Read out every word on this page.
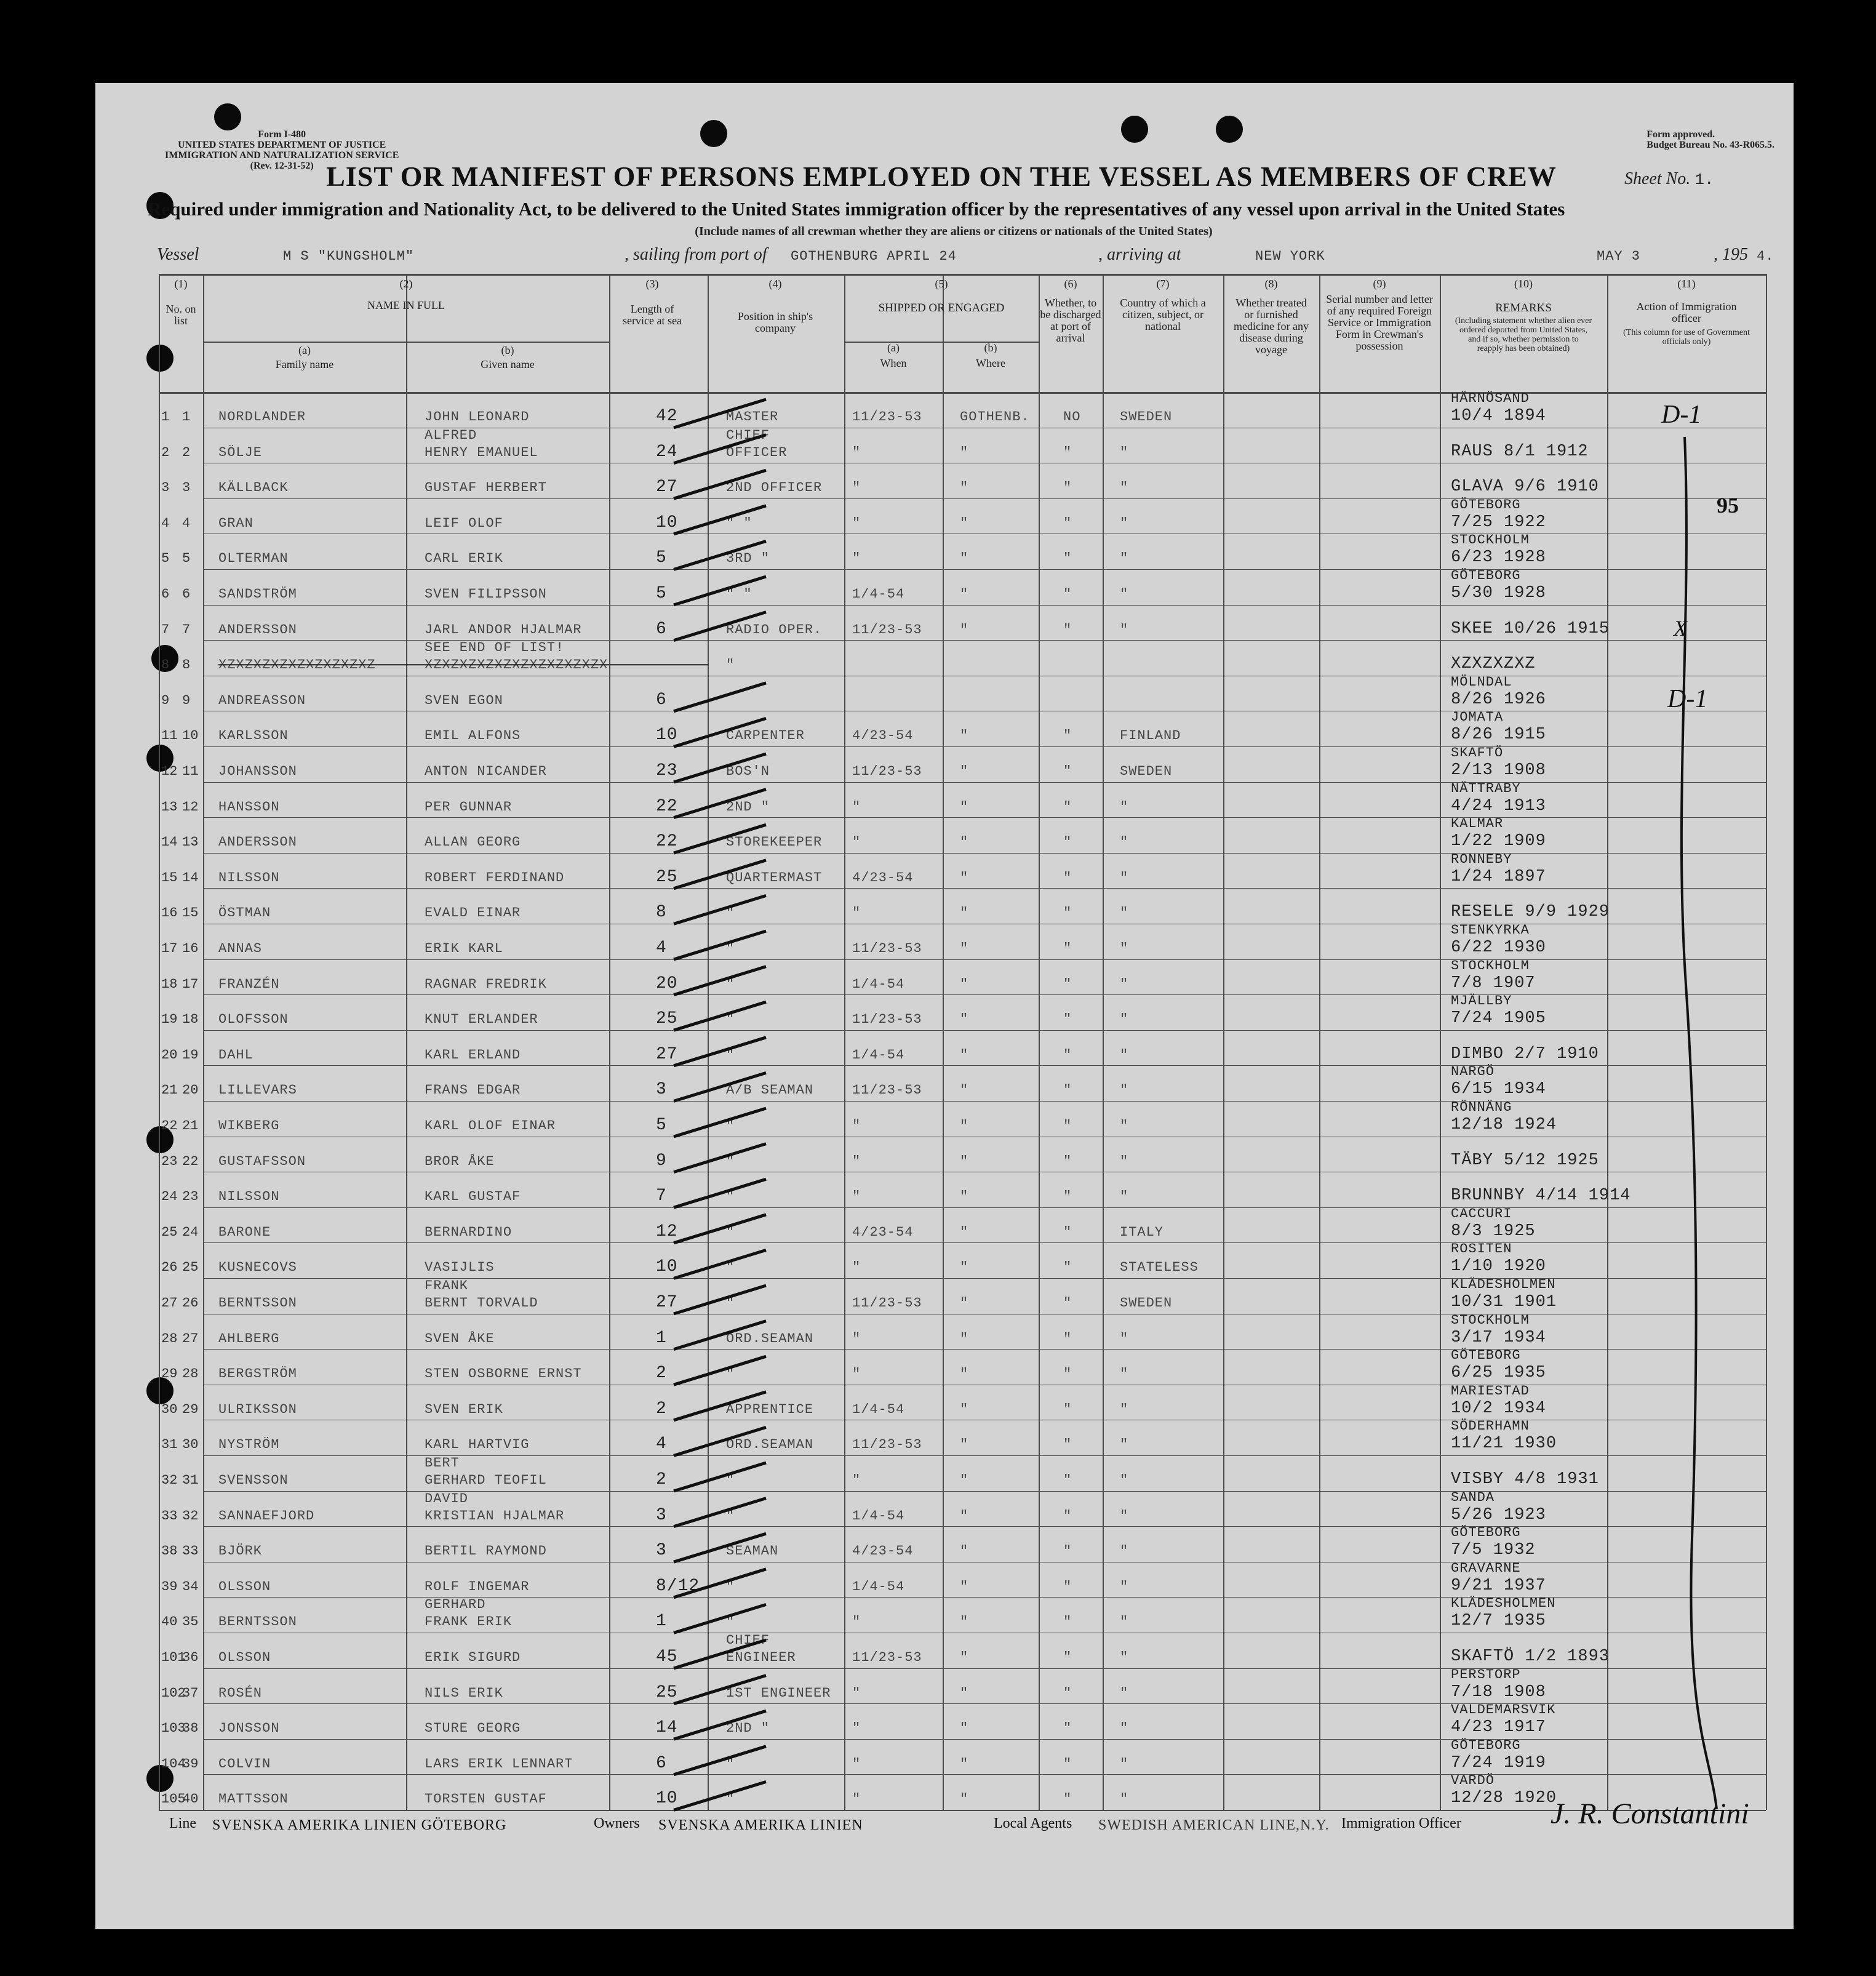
Form I-480
UNITED STATES DEPARTMENT OF JUSTICE
IMMIGRATION AND NATURALIZATION SERVICE
(Rev. 12-31-52)
Form approved.
Budget Bureau No. 43-R065.5.
LIST OR MANIFEST OF PERSONS EMPLOYED ON THE VESSEL AS MEMBERS OF CREW	Sheet No. 1.
Required under immigration and Nationality Act, to be delivered to the United States immigration officer by the representatives of any vessel upon arrival in the United States
(Include names of all crewman whether they are aliens or citizens or nationals of the United States)
Vessel	M S "KUNGSHOLM"	, sailing from port of GOTHENBURG APRIL 24	, arriving at	NEW YORK	MAY 3	, 195 4.
(1)
No. on list
(2)
NAME IN FULL
(a)
Family name
(b)
Given name
(3)
Length of service at sea
(4)
Position in ship's company
(5)
SHIPPED OR ENGAGED
(a)
When
(b)
Where
(6)
Whether, to be discharged at port of arrival
(7)
Country of which a citizen, subject, or national
(8)
Whether treated or furnished medicine for any disease during voyage
(9)
Serial number and letter of any required Foreign Service or Immigration Form in Crewman's possession
(10)
REMARKS
(Including statement whether alien ever ordered deported from United States, and if so, whether permission to reapply has been obtained)
(11)
Action of Immigration officer
(This column for use of Government officials only)
1 1 NORDLANDER	JOHN LEONARD	42	MASTER	11/23-53	GOTHENB. NO	SWEDEN
HÄRNÖSAND
10/4 1894
2 2 SÖLJE
ALFRED
HENRY EMANUEL	24
CHIEF
OFFICER	"	"	"	"	RAUS 8/1 1912
3 3 KÄLLBACK	GUSTAF HERBERT	27	2ND OFFICER "	"	"	"	GLAVA 9/6 1910
4 4 GRAN	LEIF OLOF	10	" "	"	"	"	"
GÖTEBORG
7/25 1922
5 5 OLTERMAN	CARL ERIK	5	3RD "	"	"	"	"
STOCKHOLM
6/23 1928
6 6 SANDSTRÖM	SVEN FILIPSSON	5	" "	1/4-54	"	"	"
GÖTEBORG
5/30 1928
7 7 ANDERSSON	JARL ANDOR HJALMAR	6	RADIO OPER. 11/23-53	"	"	"	SKEE 10/26 1915
8 8 XZXZXZXZXZXZXZXZXZ
SEE END OF LIST!
XZXZXZXZXZXZXZXZXZXZX	"	XZXZXZXZ
9 9 ANDREASSON	SVEN EGON	6
MÖLNDAL
8/26 1926
11 10 KARLSSON	EMIL ALFONS	10	CARPENTER	4/23-54	"	"	FINLAND
JOMATA
8/26 1915
12 11 JOHANSSON	ANTON NICANDER	23	BOS'N	11/23-53	"	"	SWEDEN
SKAFTÖ
2/13 1908
13 12 HANSSON	PER GUNNAR	22	2ND "	"	"	"	"
NÄTTRABY
4/24 1913
14 13 ANDERSSON	ALLAN GEORG	22	STOREKEEPER "	"	"	"
KALMAR
1/22 1909
15 14 NILSSON	ROBERT FERDINAND	25	QUARTERMAST 4/23-54	"	"	"
RONNEBY
1/24 1897
16 15 ÖSTMAN	EVALD EINAR	8	"	"	"	"	"	RESELE 9/9 1929
17 16 ANNAS	ERIK KARL	4	"	11/23-53	"	"	"
STENKYRKA
6/22 1930
18 17 FRANZÉN	RAGNAR FREDRIK	20	"	1/4-54	"	"	"
STOCKHOLM
7/8 1907
19 18 OLOFSSON	KNUT ERLANDER	25	"	11/23-53	"	"	"
MJÄLLBY
7/24 1905
20 19 DAHL	KARL ERLAND	27	"	1/4-54	"	"	"	DIMBO 2/7 1910
21 20 LILLEVARS	FRANS EDGAR	3	A/B SEAMAN	11/23-53	"	"	"
NARGÖ
6/15 1934
22 21 WIKBERG	KARL OLOF EINAR	5	"	"	"	"	"
RÖNNÄNG
12/18 1924
23 22 GUSTAFSSON	BROR ÅKE	9	"	"	"	"	"	TÄBY 5/12 1925
24 23 NILSSON	KARL GUSTAF	7	"	"	"	"	"	BRUNNBY 4/14 1914
25 24 BARONE	BERNARDINO	12	"	4/23-54	"	"	ITALY
CACCURI
8/3 1925
26 25 KUSNECOVS	VASIJLIS	10	"	"	"	"	STATELESS
ROSITEN
1/10 1920
27 26 BERNTSSON
FRANK
BERNT TORVALD	27	"	11/23-53	"	"	SWEDEN
KLÄDESHOLMEN
10/31 1901
28 27 AHLBERG	SVEN ÅKE	1	ORD.SEAMAN	"	"	"	"
STOCKHOLM
3/17 1934
29 28 BERGSTRÖM	STEN OSBORNE ERNST	2	"	"	"	"	"
GÖTEBORG
6/25 1935
30 29 ULRIKSSON	SVEN ERIK	2	APPRENTICE	1/4-54	"	"	"
MARIESTAD
10/2 1934
31 30 NYSTRÖM	KARL HARTVIG	4	ORD.SEAMAN	11/23-53	"	"	"
SÖDERHAMN
11/21 1930
32 31 SVENSSON
BERT
GERHARD TEOFIL	2	"	"	"	"	"	VISBY 4/8 1931
33 32 SANNAEFJORD
DAVID
KRISTIAN HJALMAR	3	"	1/4-54	"	"	"
SANDA
5/26 1923
38 33 BJÖRK	BERTIL RAYMOND	3	SEAMAN	4/23-54	"	"	"
GÖTEBORG
7/5 1932
39 34 OLSSON	ROLF INGEMAR	8/12 "	1/4-54	"	"	"
GRAVARNE
9/21 1937
40 35 BERNTSSON
GERHARD
FRANK ERIK	1	"	"	"	"	"
KLÄDESHOLMEN
12/7 1935
101
36 OLSSON	ERIK SIGURD	45
CHIEF
ENGINEER	11/23-53	"	"	"	SKAFTÖ 1/2 1893
102
37 ROSÉN	NILS ERIK	25	1ST ENGINEER "	"	"	"
PERSTORP
7/18 1908
103
38 JONSSON	STURE GEORG	14	2ND "	"	"	"	"
VALDEMARSVIK
4/23 1917
104
39 COLVIN	LARS ERIK LENNART	6	"	"	"	"	"
GÖTEBORG
7/24 1919
105
40 MATTSSON	TORSTEN GUSTAF	10	"	"	"	"	"
VARDÖ
12/28 1920
D-1
D-1
X
95
Line SVENSKA AMERIKA LINIEN GÖTEBORG	Owners SVENSKA AMERIKA LINIEN	Local Agents SWEDISH AMERICAN LINE,N.Y. Immigration Officer	J. R. Constantini
